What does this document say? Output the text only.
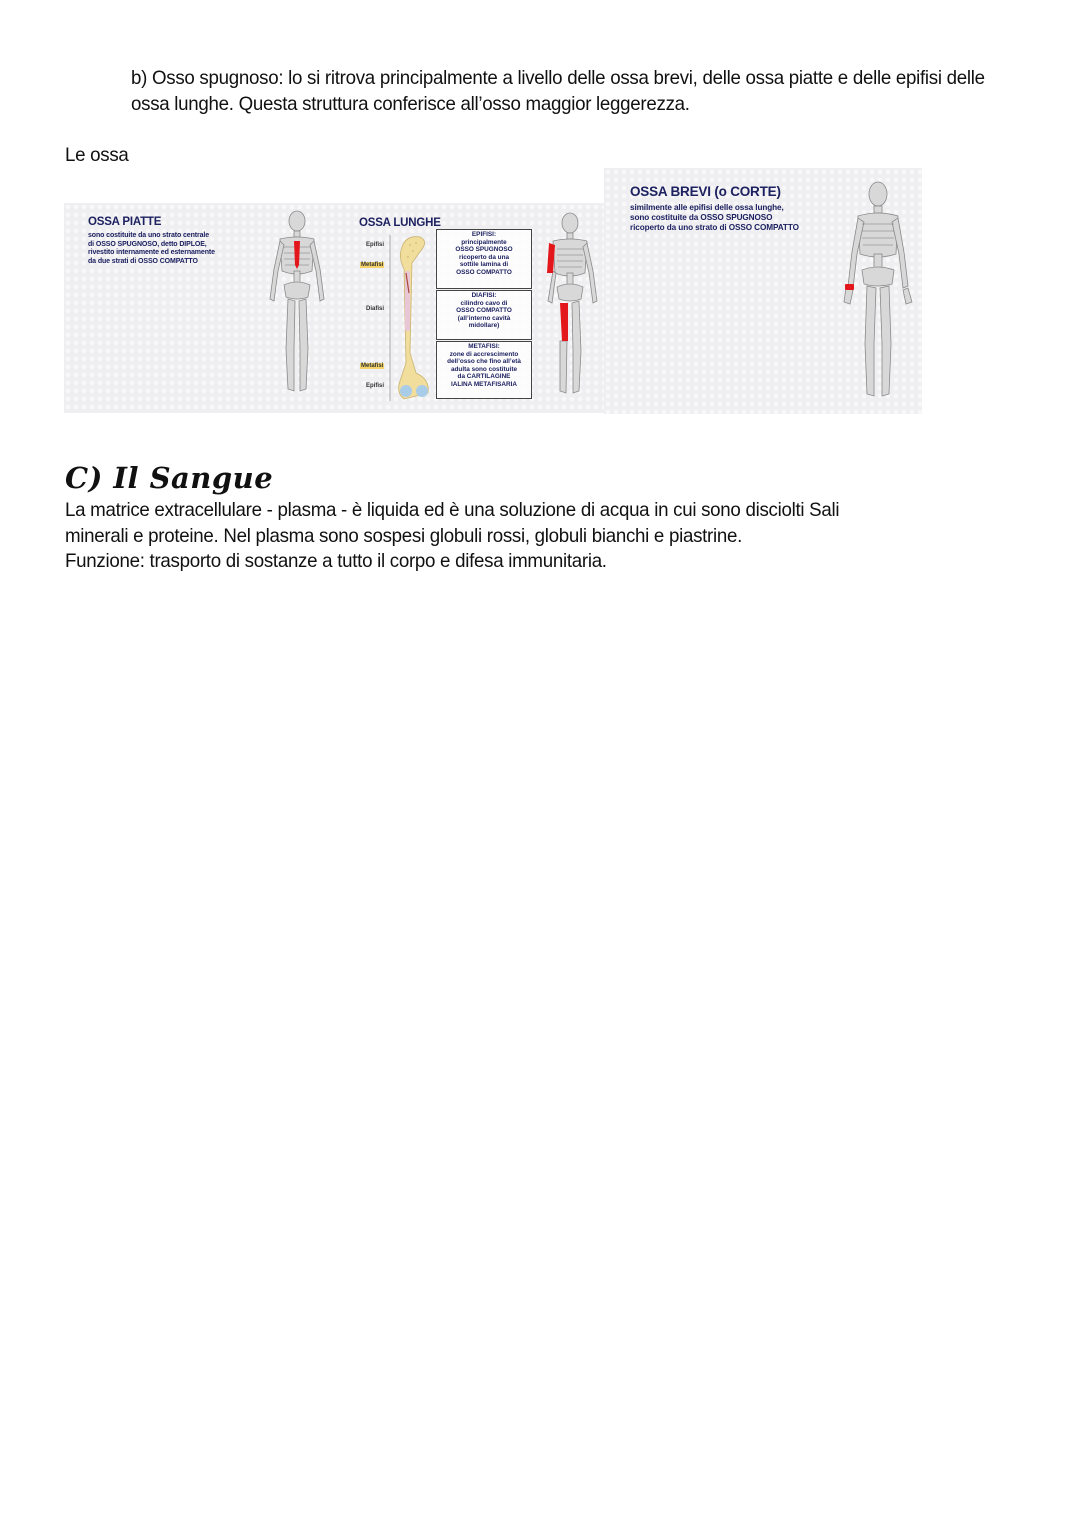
b) Osso spugnoso: lo si ritrova principalmente a livello delle ossa brevi, delle ossa piatte e delle epifisi delle ossa lunghe. Questa struttura conferisce all’osso maggior leggerezza.
Le ossa
OSSA PIATTE
sono costituite da uno strato centrale
di OSSO SPUGNOSO, detto DIPLOE,
rivestito internamente ed esternamente
da due strati di OSSO COMPATTO
OSSA LUNGHE
Epifisi
Metafisi
Diafisi
Metafisi
Epifisi
EPIFISI:
principalmente
OSSO SPUGNOSO
ricoperto da una
sottile lamina di
OSSO COMPATTO
DIAFISI:
cilindro cavo di
OSSO COMPATTO
(all’interno cavità
midollare)
METAFISI:
zone di accrescimento
dell’osso che fino all’età
adulta sono costituite
da CARTILAGINE
IALINA METAFISARIA
OSSA BREVI (o CORTE)
similmente alle epifisi delle ossa lunghe,
sono costituite da OSSO SPUGNOSO
ricoperto da uno strato di OSSO COMPATTO
C) Il Sangue
La matrice extracellulare - plasma - è liquida ed è una soluzione di acqua in cui sono disciolti Sali
minerali e proteine. Nel plasma sono sospesi globuli rossi, globuli bianchi e piastrine.
Funzione: trasporto di sostanze a tutto il corpo e difesa immunitaria.
